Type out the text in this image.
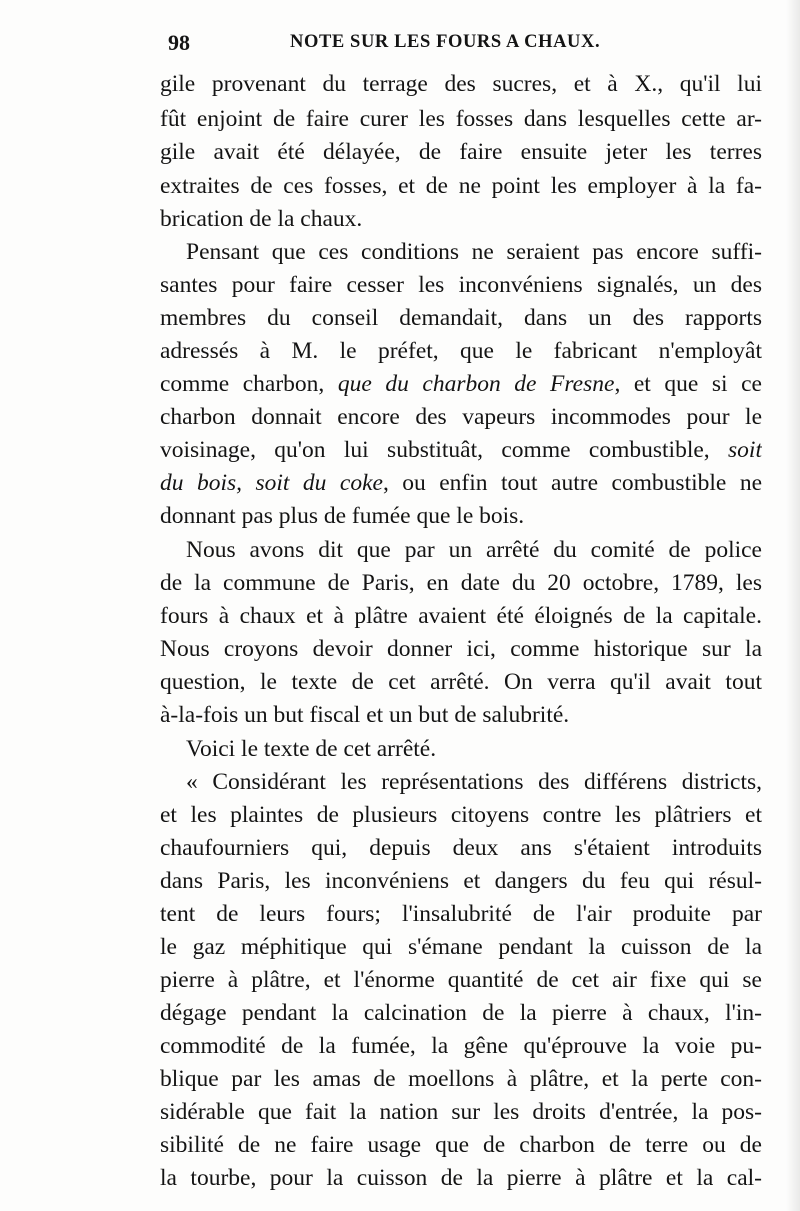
98	NOTE SUR LES FOURS A CHAUX.
gile provenant du terrage des sucres, et à X., qu'il lui
fût enjoint de faire curer les fosses dans lesquelles cette ar-
gile avait été délayée, de faire ensuite jeter les terres
extraites de ces fosses, et de ne point les employer à la fa-
brication de la chaux.
Pensant que ces conditions ne seraient pas encore suffi-
santes pour faire cesser les inconvéniens signalés, un des
membres du conseil demandait, dans un des rapports
adressés à M. le préfet, que le fabricant n'employât
comme charbon, que du charbon de Fresne, et que si ce
charbon donnait encore des vapeurs incommodes pour le
voisinage, qu'on lui substituât, comme combustible, soit
du bois, soit du coke, ou enfin tout autre combustible ne
donnant pas plus de fumée que le bois.
Nous avons dit que par un arrêté du comité de police
de la commune de Paris, en date du 20 octobre, 1789, les
fours à chaux et à plâtre avaient été éloignés de la capitale.
Nous croyons devoir donner ici, comme historique sur la
question, le texte de cet arrêté. On verra qu'il avait tout
à-la-fois un but fiscal et un but de salubrité.
Voici le texte de cet arrêté.
« Considérant les représentations des différens districts,
et les plaintes de plusieurs citoyens contre les plâtriers et
chaufourniers qui, depuis deux ans s'étaient introduits
dans Paris, les inconvéniens et dangers du feu qui résul-
tent de leurs fours; l'insalubrité de l'air produite par
le gaz méphitique qui s'émane pendant la cuisson de la
pierre à plâtre, et l'énorme quantité de cet air fixe qui se
dégage pendant la calcination de la pierre à chaux, l'in-
commodité de la fumée, la gêne qu'éprouve la voie pu-
blique par les amas de moellons à plâtre, et la perte con-
sidérable que fait la nation sur les droits d'entrée, la pos-
sibilité de ne faire usage que de charbon de terre ou de
la tourbe, pour la cuisson de la pierre à plâtre et la cal-
